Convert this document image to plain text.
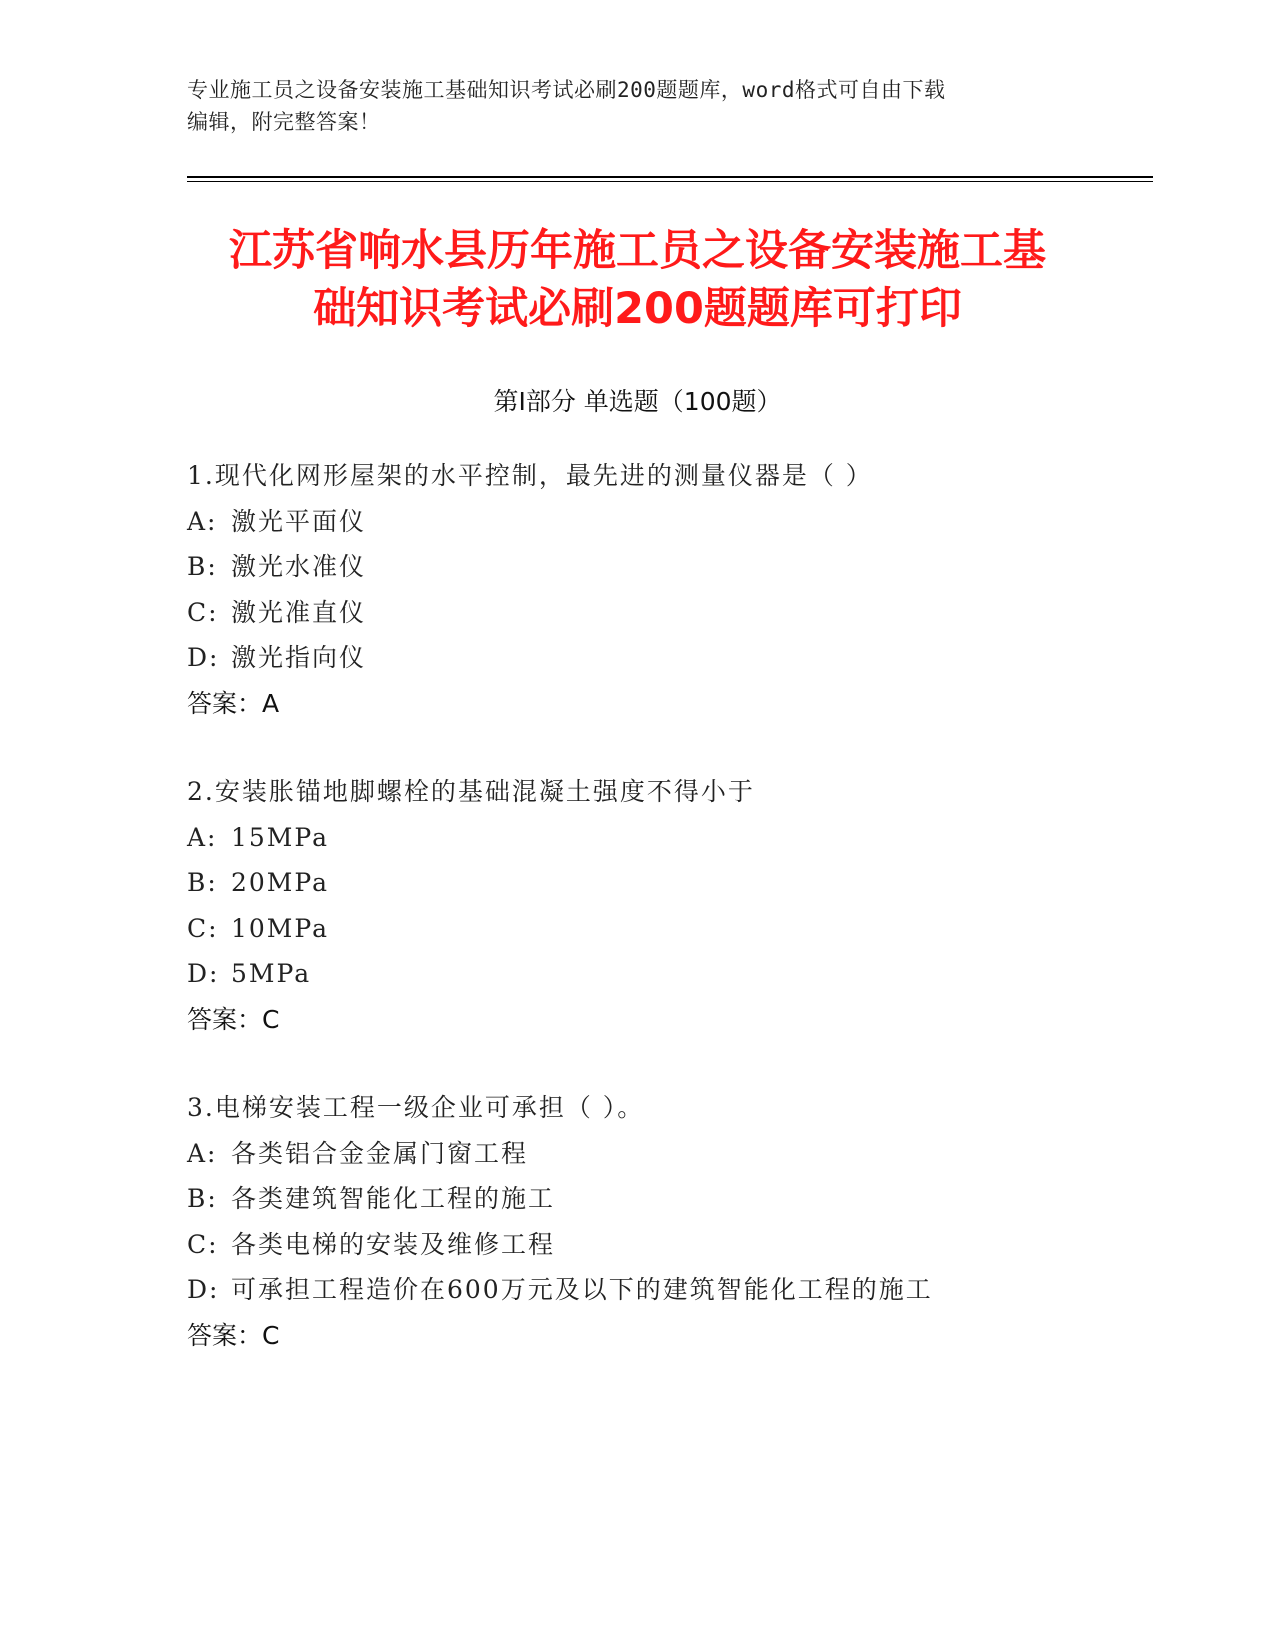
专业施工员之设备安装施工基础知识考试必刷200题题库，word格式可自由下载
编辑，附完整答案！
江苏省响水县历年施工员之设备安装施工基
础知识考试必刷200题题库可打印
第Ⅰ部分 单选题（100题）
1.现代化网形屋架的水平控制，最先进的测量仪器是（ ）
A: 激光平面仪
B: 激光水准仪
C: 激光准直仪
D: 激光指向仪
答案：A
2.安装胀锚地脚螺栓的基础混凝土强度不得小于
A: 15MPa
B: 20MPa
C: 10MPa
D: 5MPa
答案：C
3.电梯安装工程一级企业可承担（ ）。
A: 各类铝合金金属门窗工程
B: 各类建筑智能化工程的施工
C: 各类电梯的安装及维修工程
D: 可承担工程造价在600万元及以下的建筑智能化工程的施工
答案：C
